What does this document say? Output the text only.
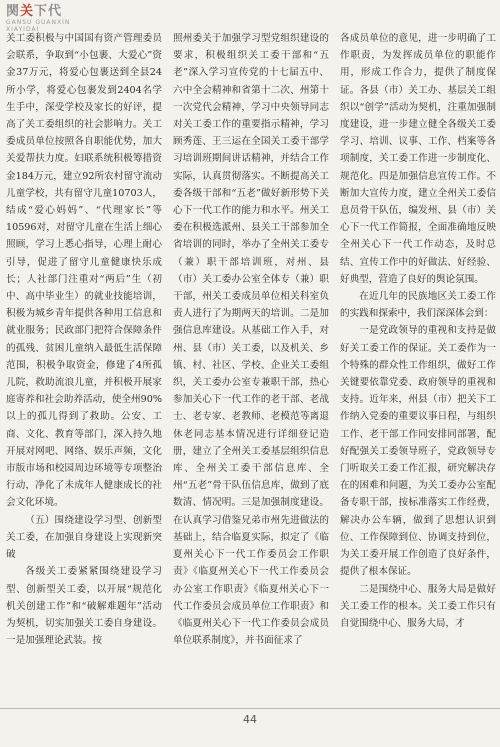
関关下代
GANSU GUANXIN
XIAYIDAI

关工委积极与中国国有资产管理委员会联系，争取到“小包裹、大爱心”资金37万元，将爱心包裹送到全县24所小学，将爱心包裹发到2404名学生手中，深受学校及家长的好评，提高了关工委组织的社会影响力。关工委成员单位按照各自职能优势，加大关爱帮扶力度。妇联系统积极筹措资金184万元，建立92所农村留守流动儿童学校，共有留守儿童10703人，结成“爱心妈妈”、“代理家长”等10596对，对留守儿童在生活上细心照顾，学习上悉心指导，心理上耐心引导，促进了留守儿童健康快乐成长；人社部门注重对“两后”生（初中、高中毕业生）的就业技能培训，积极为城乡青年提供各种用工信息和就业服务；民政部门把符合保障条件的孤残、贫困儿童纳入最低生活保障范围，积极争取资金，修建了4所孤儿院，救助流浪儿童，并积极开展家庭寄养和社会助养活动，使全州90%以上的孤儿得到了救助。公安、工商、文化、教育等部门，深入持久地开展对网吧、网络、娱乐声频，文化市版市场和校园周边环境等专项整治行动，净化了未成年人健康成长的社会文化环境。

（五）围绕建设学习型、创新型关工委，在加强自身建设上实现新突破

各级关工委紧紧围绕建设学习型、创新型关工委，以开展“规范化机关创建工作”和“破解难题年”活动为契机，切实加强关工委自身建设。一是加强理论武装。按

照州委关于加强学习型党组织建设的要求，积极组织关工委干部和“五老”深入学习宣传党的十七届五中、六中全会精神和省第十二次、州第十一次党代会精神，学习中央领导同志对关工委工作的重要指示精神，学习顾秀莲、王三运在全国关工委干部学习培训班期间讲话精神，并结合工作实际，认真贯彻落实。不断提高关工委各级干部和“五老”做好新形势下关心下一代工作的能力和水平。州关工委在积极选派州、县关工干部参加全省培训的同时，举办了全州关工委专（兼）职干部培训班，对州、县（市）关工委办公室全体专（兼）职干部，州关工委成员单位相关科室负责人进行了为期两天的培训。二是加强信息库建设。从基础工作入手，对州、县（市）关工委，以及机关、乡镇、村、社区、学校、企业关工委组织，关工委办公室专兼职干部，热心参加关心下一代工作的老干部、老战士、老专家、老教师、老模范等离退休老同志基本情况进行详细登记造册，建立了全州关工委基层组织信息库、全州关工委干部信息库、全州“五老”骨干队伍信息库，做到了底数清、情况明。三是加强制度建设。在认真学习借鉴兄弟市州先进做法的基础上，结合临夏实际，拟定了《临夏州关心下一代工作委员会工作职责》《临夏州关心下一代工作委员会办公室工作职责》《临夏州关心下一代工作委员会成员单位工作职责》和《临夏州关心下一代工作委员会成员单位联系制度》，并书面征求了

各成员单位的意见，进一步明确了工作职责，为发挥成员单位的职能作用，形成工作合力，提供了制度保证。各县（市）关工办、基层关工组织以“创学”活动为契机，注重加强制度建设，进一步建立健全各级关工委学习、培训、议事、工作、档案等各项制度，关工委工作进一步制度化、规范化。四是加强信息宣传工作。不断加大宣传力度，建立全州关工委信息员骨干队伍，编发州、县（市）关心下一代工作简报，全面准确地反映全州关心下一代工作动态，及时总结、宣传工作中的好做法、好经验、好典型，营造了良好的舆论氛围。

在近几年的民族地区关工委工作的实践和探索中，我们深深体会到：

一是党政领导的重视和支持是做好关工委工作的保证。关工委作为一个特殊的群众性工作组织，做好工作关键要依靠党委、政府领导的重视和支持。近年来，州县（市）把关下工作纳入党委的重要议事日程，与组织工作、老干部工作同安排同部署，配好配强关工委领导班子，党政领导专门听取关工委工作汇报，研究解决存在的困难和问题，为关工委办公室配备专职干部，按标准落实工作经费，解决办公车辆，做到了思想认识到位、工作保障到位、协调支持到位，为关工委开展工作创造了良好条件，提供了根本保证。

二是围绕中心、服务大局是做好关工委工作的根本。关工委工作只有自觉围绕中心、服务大局，才

44
